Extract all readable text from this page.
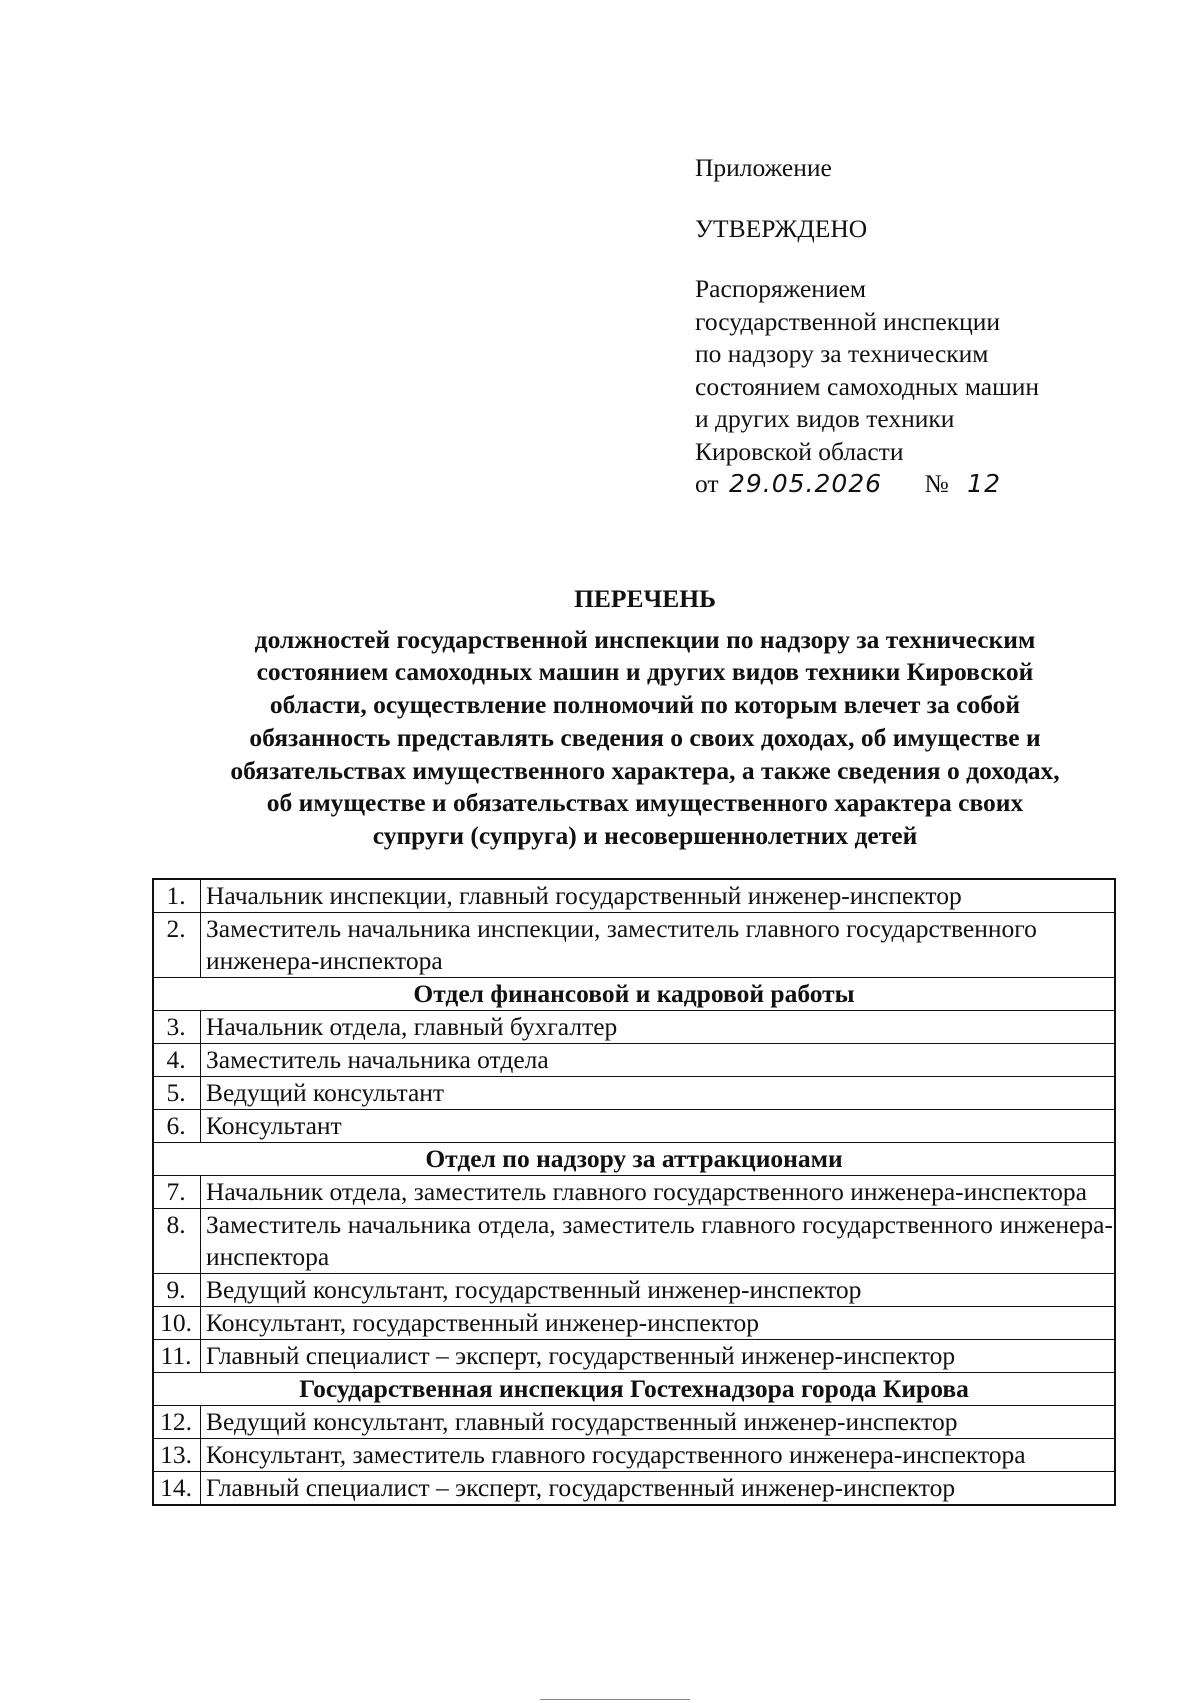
Приложение
УТВЕРЖДЕНО
Распоряжением
государственной инспекции
по надзору за техническим
состоянием самоходных машин
и других видов техники
Кировской области
от 29.05.2026 № 12
ПЕРЕЧЕНЬ
должностей государственной инспекции по надзору за техническим
состоянием самоходных машин и других видов техники Кировской
области, осуществление полномочий по которым влечет за собой
обязанность представлять сведения о своих доходах, об имуществе и
обязательствах имущественного характера, а также сведения о доходах,
об имуществе и обязательствах имущественного характера своих
супруги (супруга) и несовершеннолетних детей
1.	Начальник инспекции, главный государственный инженер-инспектор
2.	Заместитель начальника инспекции, заместитель главного государственного инженера-инспектора
Отдел финансовой и кадровой работы	
3.	Начальник отдела, главный бухгалтер
4.	Заместитель начальника отдела
5.	Ведущий консультант
6.	Консультант
Отдел по надзору за аттракционами	
7.	Начальник отдела, заместитель главного государственного инженера-инспектора
8.	Заместитель начальника отдела, заместитель главного государственного инженера-инспектора
9.	Ведущий консультант, государственный инженер-инспектор
10.	Консультант, государственный инженер-инспектор
11.	Главный специалист – эксперт, государственный инженер-инспектор
Государственная инспекция Гостехнадзора города Кирова	
12.	Ведущий консультант, главный государственный инженер-инспектор
13.	Консультант, заместитель главного государственного инженера-инспектора
14.	Главный специалист – эксперт, государственный инженер-инспектор
